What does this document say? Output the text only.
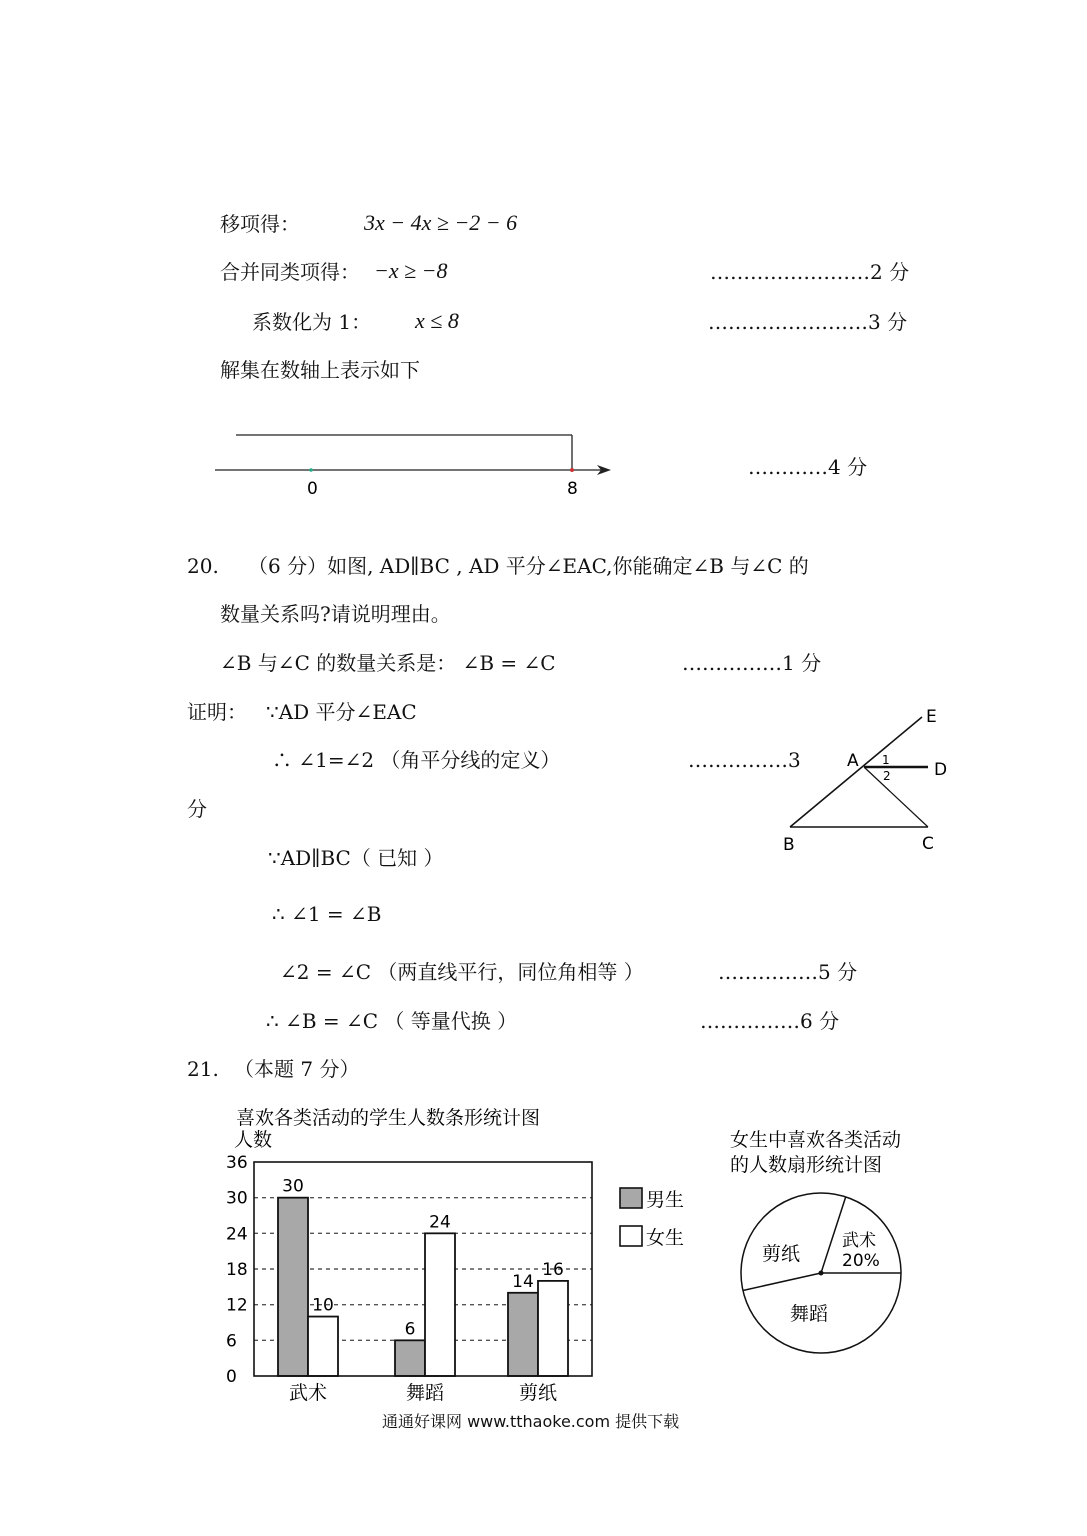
移项得：	3x − 4x ≥ −2 − 6
合并同类项得： −x ≥ −8	……………………2 分
系数化为 1： x ≤ 8	……………………3 分
解集在数轴上表示如下
0	8
…………4 分
20. （6 分）如图, AD∥BC , AD 平分∠EAC,你能确定∠B 与∠C 的
数量关系吗?请说明理由。
∠B 与∠C 的数量关系是： ∠B = ∠C	……………1 分
证明： ∵AD 平分∠EAC
∴ ∠1=∠2 （角平分线的定义）	……………3
分
∵AD∥BC（ 已知 ）
∴ ∠1 = ∠B
∠2 = ∠C （两直线平行，同位角相等 ）	……………5 分
∴ ∠B = ∠C （ 等量代换 ）	……………6 分
E
A	D
B	C
1
2
21. （本题 7 分）
喜欢各类活动的学生人数条形统计图
人数
30
10
6
24
14
16
0
6
12
18
24
30
36
武术	舞蹈	剪纸
男生
女生
女生中喜欢各类活动
的人数扇形统计图
剪纸
舞蹈
武术
20%
通通好课网 www.tthaoke.com 提供下载
